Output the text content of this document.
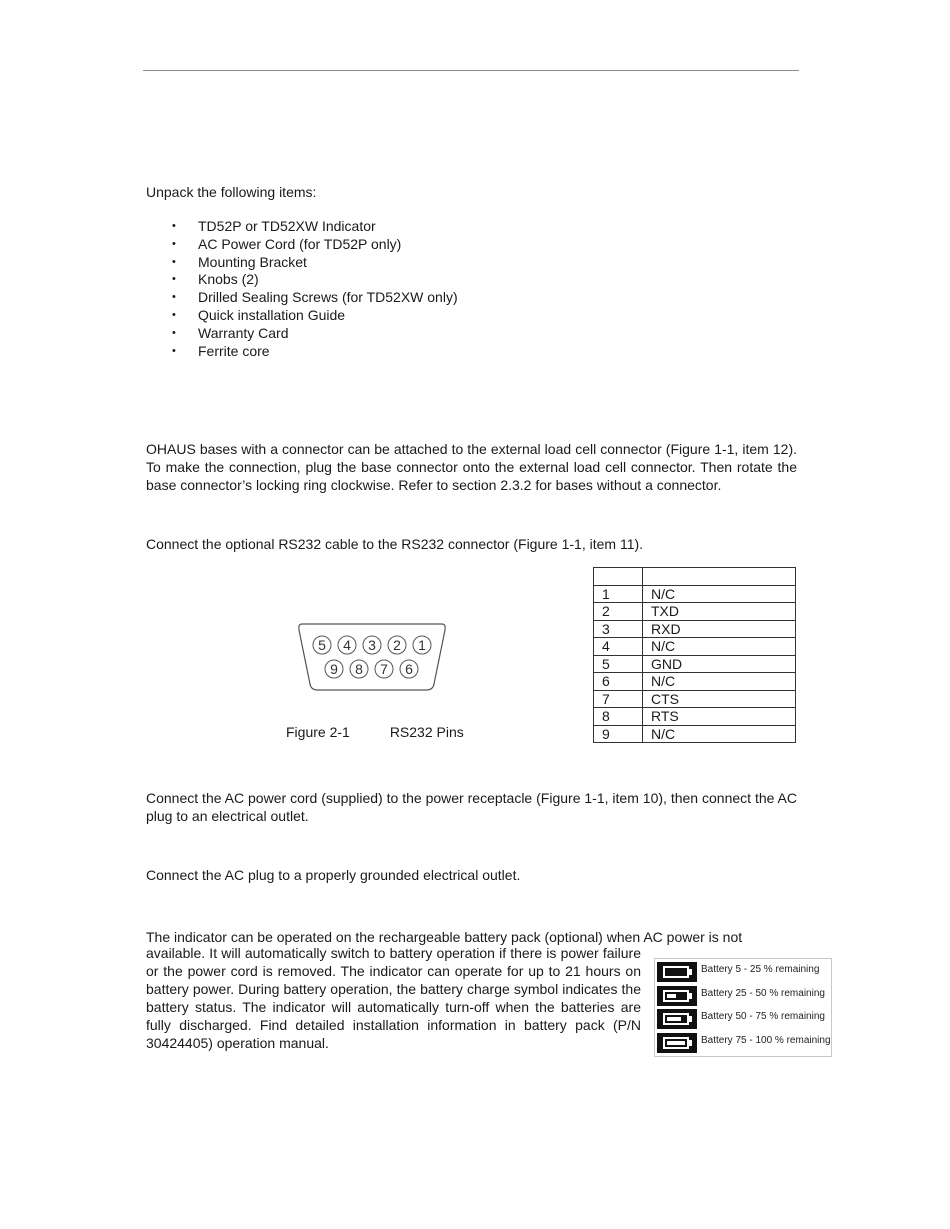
Unpack the following items:
• TD52P or TD52XW Indicator
• AC Power Cord (for TD52P only)
• Mounting Bracket
• Knobs (2)
• Drilled Sealing Screws (for TD52XW only)
• Quick installation Guide
• Warranty Card
• Ferrite core
OHAUS bases with a connector can be attached to the external load cell connector (Figure 1-1, item 12). To make the connection, plug the base connector onto the external load cell connector. Then rotate the base connector’s locking ring clockwise. Refer to section 2.3.2 for bases without a connector.
Connect the optional RS232 cable to the RS232 connector (Figure 1-1, item 11).
5 4 3 2 1
9 8 7 6
Figure 2-1	RS232 Pins

1	N/C
2	TXD
3	RXD
4	N/C
5	GND
6	N/C
7	CTS
8	RTS
9	N/C
Connect the AC power cord (supplied) to the power receptacle (Figure 1-1, item 10), then connect the AC plug to an electrical outlet.
Connect the AC plug to a properly grounded electrical outlet.
The indicator can be operated on the rechargeable battery pack (optional) when AC power is not
available. It will automatically switch to battery operation if there is power failure or the power cord is removed. The indicator can operate for up to 21 hours on battery power. During battery operation, the battery charge symbol indicates the battery status. The indicator will automatically turn-off when the batteries are fully discharged. Find detailed installation information in battery pack (P/N 30424405) operation manual.
Battery 5 - 25 % remaining
Battery 25 - 50 % remaining
Battery 50 - 75 % remaining
Battery 75 - 100 % remaining
